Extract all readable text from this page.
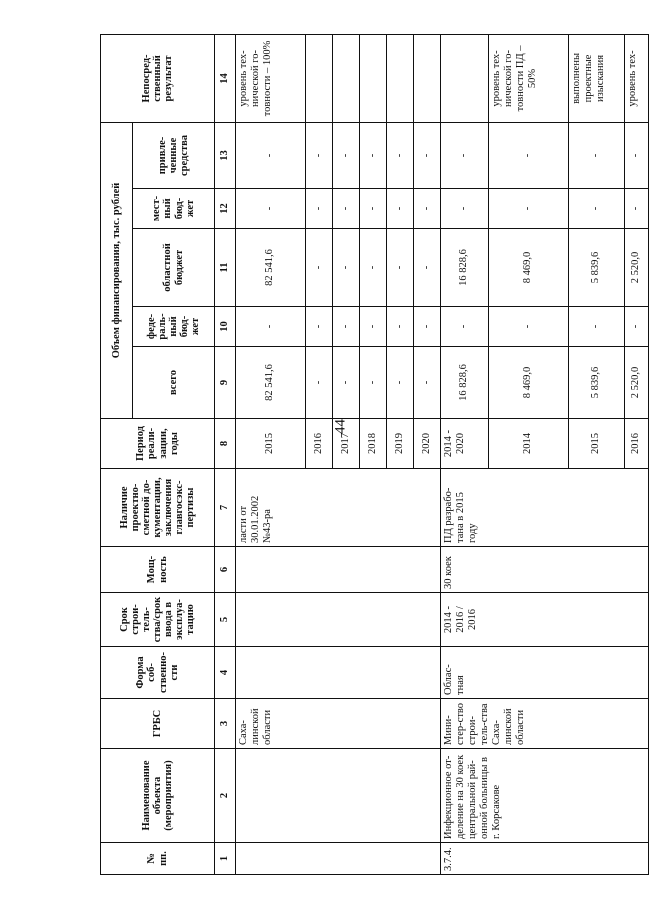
44
№ пп.	Наименование объекта (мероприятия)	ГРБС	Форма соб-ственно-сти	Срок строи-тель-ства/срок ввода в эксплуа-тацию	Мощ-ность	Наличие проектно-сметной до-кументации, заключения главгосэкс-пертизы	Период реали-зации, годы	Объем финансирования, тыс. рублей					Непосред-ственный результат
								всего	феде-раль-ный бюд-жет	областной бюджет	мест-ный бюд-жет	привле-ченные средства	
1	2	3	4	5	6	7	8	9	10	11	12	13	14
		Саха-линской области				ласти от 30.01.2002 №43-ра	2015	82 541,6	-	82 541,6	-	-	уровень тех-нической го-товности – 100%
							2016	-	-	-	-	-	
							2017	-	-	-	-	-	
							2018	-	-	-	-	-	
							2019	-	-	-	-	-	
							2020	-	-	-	-	-	
3.7.4.	Инфекционное от-деление на 30 коек центральной рай-онной больницы в г. Корсакове	Мини-стер-ство строи-тель-ства Саха-линской области	Облас-тная	2014 - 2016 / 2016	30 коек	ПД разрабо-тана в 2015 году	2014 - 2020	16 828,6	-	16 828,6	-	-	
							2014	8 469,0	-	8 469,0	-	-	уровень тех-нической го-товности ПД – 50%
							2015	5 839,6	-	5 839,6	-	-	выполнены проектные изыскания
							2016	2 520,0	-	2 520,0	-	-	уровень тех-
